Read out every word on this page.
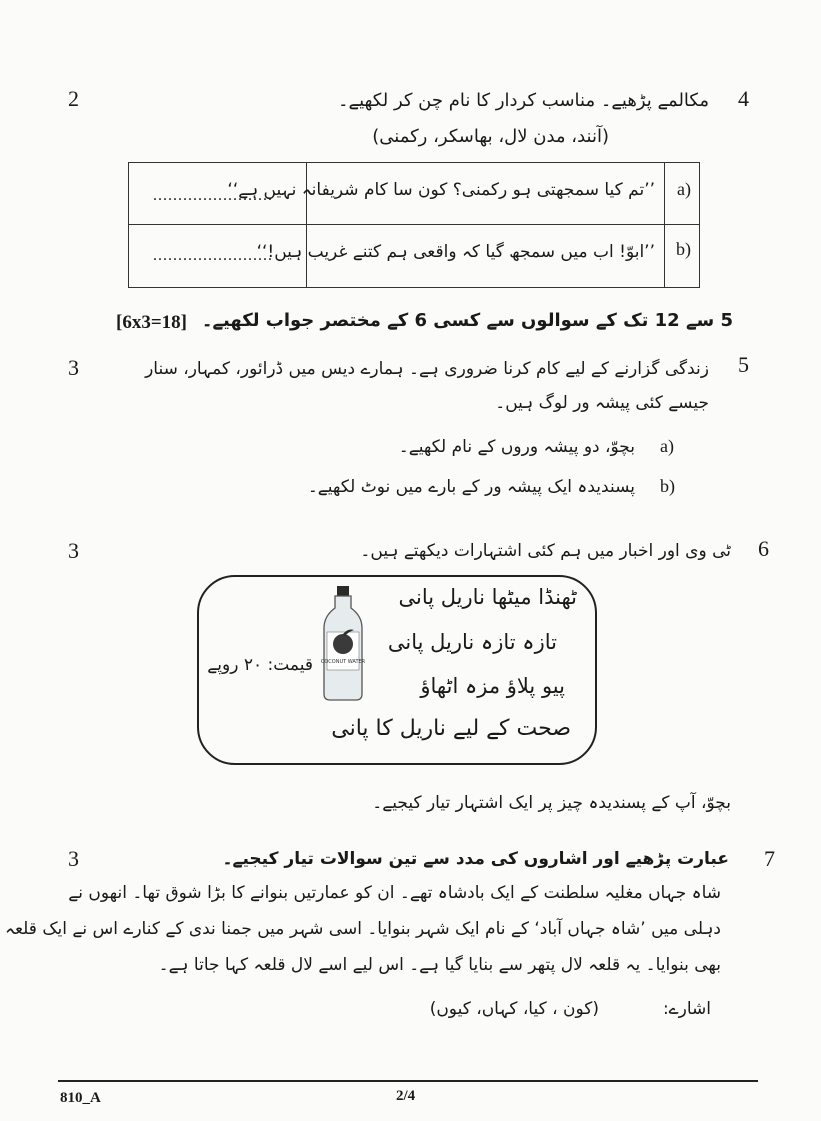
2	4
مکالمے پڑھیے۔ مناسب کردار کا نام چن کر لکھیے۔
(آنند، مدن لال، بھاسکر، رکمنی)
a)
’’تم کیا سمجھتی ہو رکمنی؟ کون سا کام شریفانہ نہیں ہے‘‘
........................
b)
’’ابوّ! اب میں سمجھ گیا کہ واقعی ہم کتنے غریب ہیں!‘‘
........................
5 سے 12 تک کے سوالوں سے کسی 6 کے مختصر جواب لکھیے۔
[6x3=18]
3	5
زندگی گزارنے کے لیے کام کرنا ضروری ہے۔ ہمارے دیس میں ڈرائور، کمہار، سنار
جیسے کئی پیشہ ور لوگ ہیں۔
a)
بچوّ، دو پیشہ وروں کے نام لکھیے۔
b)
پسندیدہ ایک پیشہ ور کے بارے میں نوٹ لکھیے۔
3	6
ٹی وی اور اخبار میں ہم کئی اشتہارات دیکھتے ہیں۔
COCONUT WATER
ٹھنڈا میٹھا ناریل پانی
تازہ تازہ ناریل پانی
پیو پلاؤ مزہ اٹھاؤ
صحت کے لیے ناریل کا پانی
قیمت: ۲۰ روپے
بچوّ، آپ کے پسندیدہ چیز پر ایک اشتہار تیار کیجیے۔
3	7
عبارت پڑھیے اور اشاروں کی مدد سے تین سوالات تیار کیجیے۔
شاہ جہاں مغلیہ سلطنت کے ایک بادشاہ تھے۔ ان کو عمارتیں بنوانے کا بڑا شوق تھا۔ انھوں نے
دہلی میں ’شاہ جہاں آباد‘ کے نام ایک شہر بنوایا۔ اسی شہر میں جمنا ندی کے کنارے اس نے ایک قلعہ
بھی بنوایا۔ یہ قلعہ لال پتھر سے بنایا گیا ہے۔ اس لیے اسے لال قلعہ کہا جاتا ہے۔
اشارے:
(کون ، کیا، کہاں، کیوں)
810_A	2/4
